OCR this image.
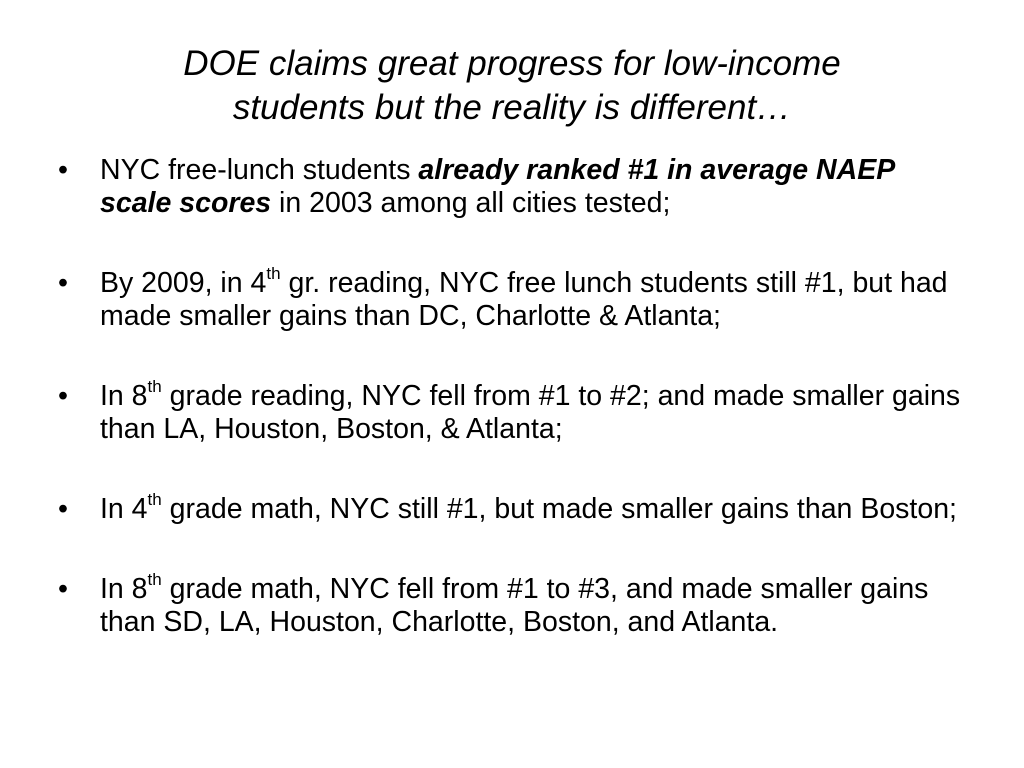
DOE claims great progress for low-income
students but the reality is different…
•	NYC free-lunch students already ranked #1 in average NAEP scale scores in 2003 among all cities tested;
•	By 2009, in 4th gr. reading, NYC free lunch students still #1, but had made smaller gains than DC, Charlotte & Atlanta;
•	In 8th grade reading, NYC fell from #1 to #2; and made smaller gains than LA, Houston, Boston, & Atlanta;
•	In 4th grade math, NYC still #1, but made smaller gains than Boston;
•	In 8th grade math, NYC fell from #1 to #3, and made smaller gains than SD, LA, Houston, Charlotte, Boston, and Atlanta.
